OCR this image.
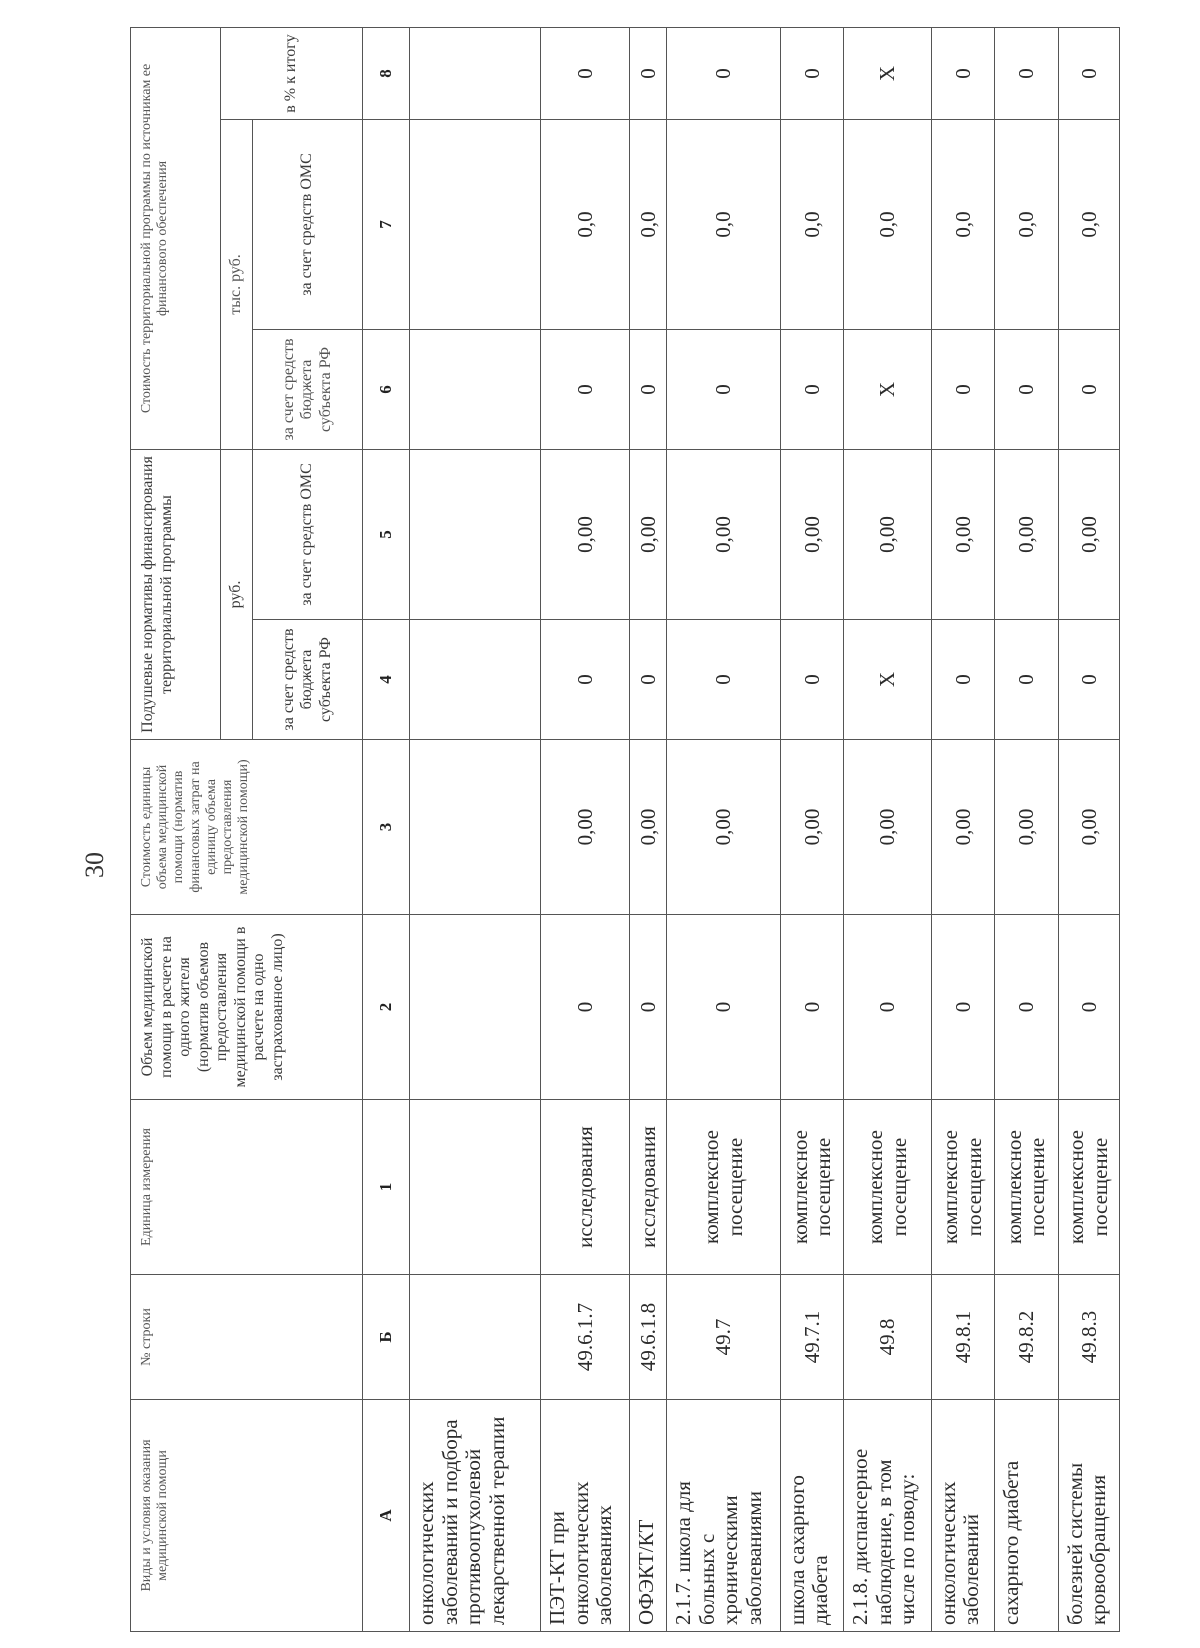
30
Виды и условия оказания медицинской помощи	№ строки	Единица измерения	Объем медицинской помощи в расчете на одного жителя (норматив объемов предоставления медицинской помощи в расчете на одно застрахованное лицо)	Стоимость единицы объема медицинской помощи (норматив финансовых затрат на единицу объема предоставления медицинской помощи)	Подушевые нормативы финансирования территориальной программы		Стоимость территориальной программы по источникам ее финансового обеспечения		
					руб.		тыс. руб.		в % к итогу
					за счет средств бюджета субъекта РФ	за счет средств ОМС	за счет средств бюджета субъекта РФ	за счет средств ОМС	
А	Б	1	2	3	4	5	6	7	8
онкологических заболеваний и подбора противоопухолевой лекарственной терапии									
ПЭТ-КТ при онкологических заболеваниях	49.6.1.7	исследования	0	0,00	0	0,00	0	0,0	0
ОФЭКТ/КТ	49.6.1.8	исследования	0	0,00	0	0,00	0	0,0	0
2.1.7. школа для больных с хроническими заболеваниями	49.7	комплексное посещение	0	0,00	0	0,00	0	0,0	0
школа сахарного диабета	49.7.1	комплексное посещение	0	0,00	0	0,00	0	0,0	0
2.1.8. диспансерное наблюдение, в том числе по поводу:	49.8	комплексное посещение	0	0,00	X	0,00	X	0,0	X
онкологических заболеваний	49.8.1	комплексное посещение	0	0,00	0	0,00	0	0,0	0
сахарного диабета	49.8.2	комплексное посещение	0	0,00	0	0,00	0	0,0	0
болезней системы кровообращения	49.8.3	комплексное посещение	0	0,00	0	0,00	0	0,0	0
